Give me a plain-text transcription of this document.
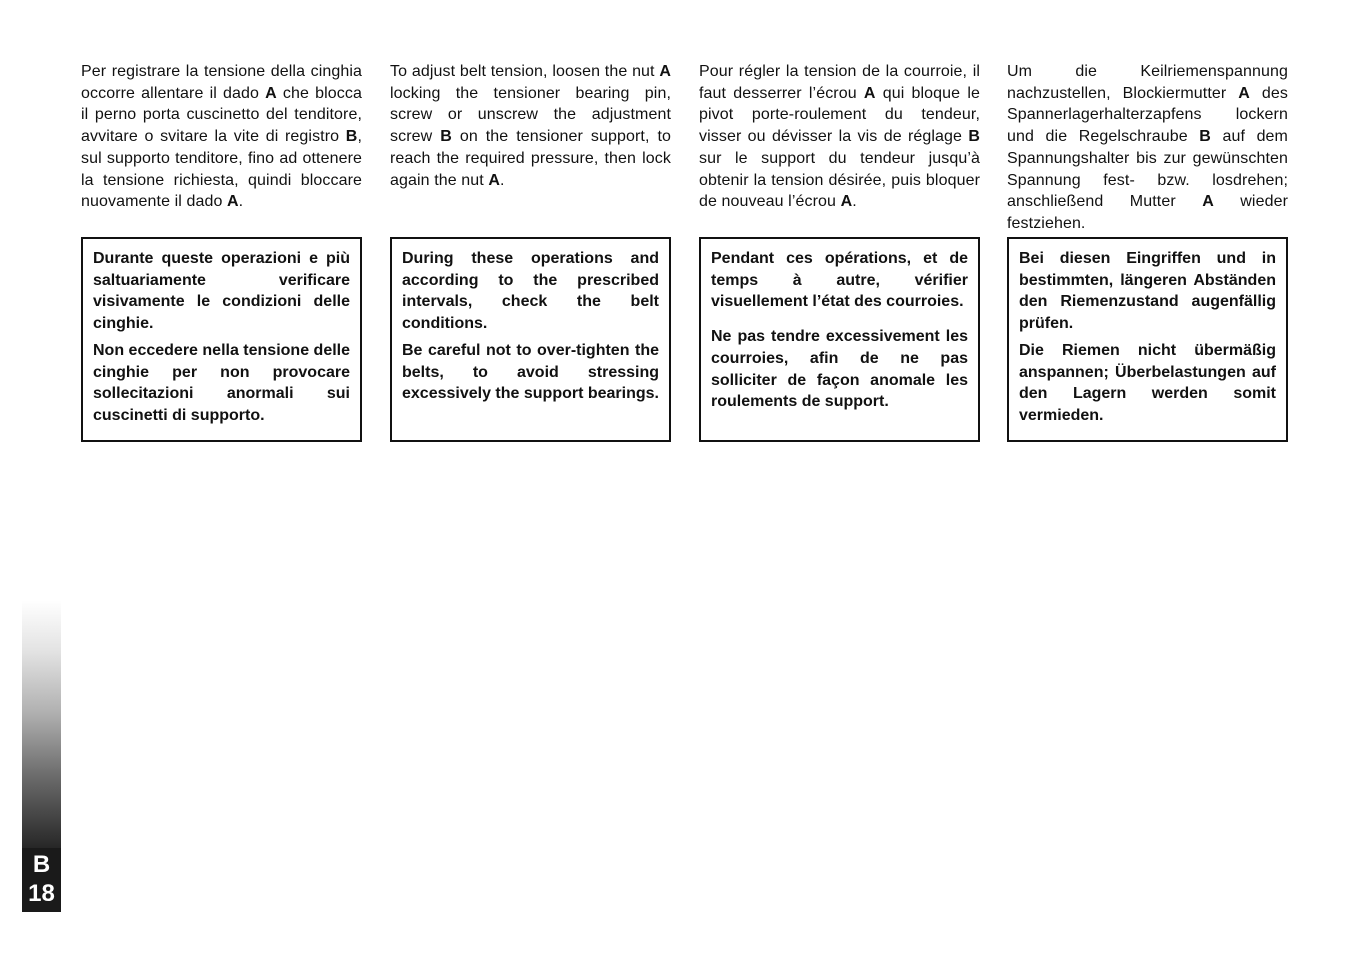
Per registrare la tensione della cinghia occorre allentare il dado A che blocca il perno porta cuscinetto del tenditore, avvitare o svitare la vite di registro B, sul supporto tenditore, fino ad ottenere la tensione richiesta, quindi bloccare nuovamente il dado A.

Durante queste operazioni e più saltuariamente verificare visivamente le condizioni delle cinghie.

Non eccedere nella tensione delle cinghie per non provocare sollecitazioni anormali sui cuscinetti di supporto.

To adjust belt tension, loosen the nut A locking the tensioner bearing pin, screw or unscrew the adjustment screw B on the tensioner support, to reach the required pressure, then lock again the nut A.

During these operations and according to the prescribed intervals, check the belt conditions.

Be careful not to over-tighten the belts, to avoid stressing excessively the support bearings.

Pour régler la tension de la courroie, il faut desserrer l’écrou A qui bloque le pivot porte-roulement du tendeur, visser ou dévisser la vis de réglage B sur le support du tendeur jusqu’à obtenir la tension désirée, puis bloquer de nouveau l’écrou A.

Pendant ces opérations, et de temps à autre, vérifier visuellement l’état des courroies.

Ne pas tendre excessivement les courroies, afin de ne pas solliciter de façon anomale les roulements de support.

Um die Keilriemenspannung nachzustellen, Blockiermutter A des Spannerlagerhalterzapfens lockern und die Regelschraube B auf dem Spannungshalter bis zur gewünschten Spannung fest- bzw. losdrehen; anschließend Mutter A wieder festziehen.

Bei diesen Eingriffen und in bestimmten, längeren Abständen den Riemenzustand augenfällig prüfen.

Die Riemen nicht übermäßig anspannen; Überbelastungen auf den Lagern werden somit vermieden.

B
18
